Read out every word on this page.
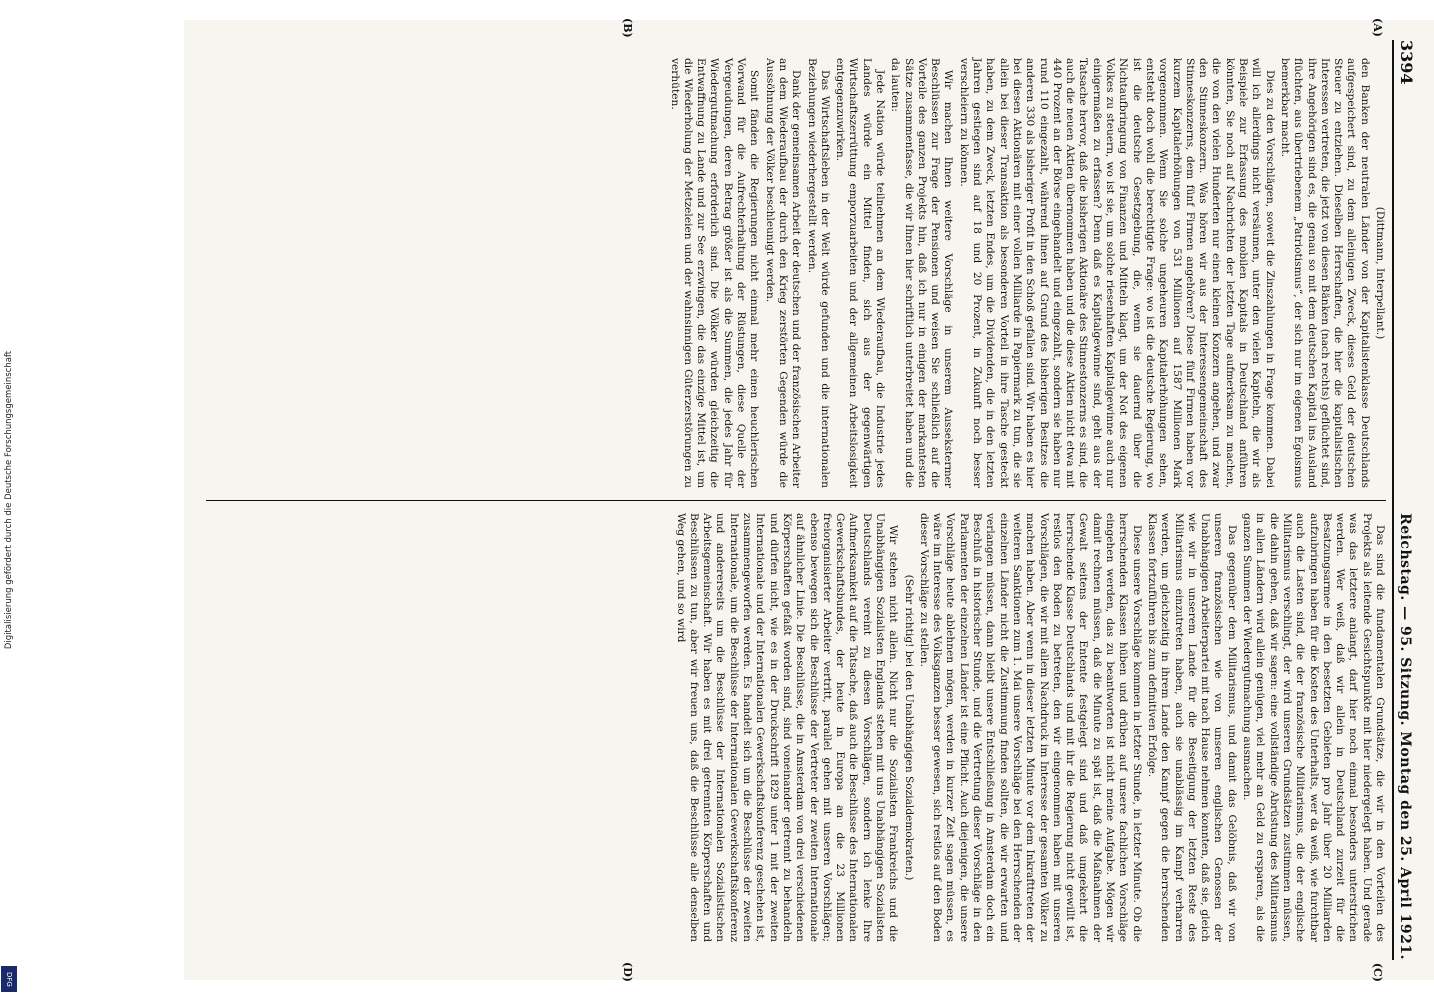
Digitalisierung gefördert durch die Deutsche Forschungsgemeinschaft
DFG
3394
Reichstag. — 95. Sitzung. Montag den 25. April 1921.
(A)
(B)

(Dittmann, Interpellant.)

den Banken der neutralen Länder von der Kapitalistenklasse Deutschlands aufgespeichert sind, zu dem alleinigen Zweck, dieses Geld der deutschen Steuer zu entziehen. Dieselben Herrschaften, die hier die kapitalistischen Interessen vertreten, die jetzt von diesen Bänken (nach rechts) geflüchtet sind, ihre Angehörigen sind es, die genau so mit dem deutschen Kapital ins Ausland flüchten, aus übertriebenem „Patriotismus“, der sich nur im eigenen Egoismus bemerkbar macht.

Dies zu den Vorschlägen, soweit die Zinszahlungen in Frage kommen. Dabei will ich allerdings nicht versäumen, unter den vielen Kapiteln, die wir als Beispiele zur Erfassung des mobilen Kapitals in Deutschland anführen könnten, Sie noch auf Nachrichten der letzten Tage aufmerksam zu machen, die von den vielen Hunderten nur einen kleinen Konzern angehen, und zwar den Stinneskonzern. Was hören wir aus der Interessengemeinschaft des Stinneskonzerns, dem fünf Firmen angehören? Diese fünf Firmen haben vor kurzem Kapitalerhöhungen von 531 Millionen auf 1587 Millionen Mark vorgenommen. Wenn Sie solche ungeheuren Kapitalerhöhungen sehen, entsteht doch wohl die berechtigte Frage: wo ist die deutsche Regierung, wo ist die deutsche Gesetzgebung, die, wenn sie dauernd über die Nichtaufbringung von Finanzen und Mitteln klagt, um der Not des eigenen Volkes zu steuern, wo ist sie, um solche riesenhaften Kapitalgewinne auch nur einigermaßen zu erfassen? Denn daß es Kapitalgewinne sind, geht aus der Tatsache hervor, daß die bisherigen Aktionäre des Stinnestonzerns es sind, die auch die neuen Aktien übernommen haben und die diese Aktien nicht etwa mit 440 Prozent an der Börse eingehandelt und eingezahlt, sondern sie haben nur rund 110 eingezahlt, während ihnen auf Grund des bisherigen Besitzes die anderen 330 als bisheriger Profit in den Schoß gefallen sind. Wir haben es hier bei diesen Aktionären mit einer vollen Milliarde in Papiermark zu tun, die sie allein bei dieser Transaktion als besonderen Vorteil in ihre Tasche gesteckt haben, zu dem Zweck, letzten Endes, um die Dividenden, die in den letzten Jahren gestiegen sind auf 18 und 20 Prozent, in Zukunft noch besser verschleiern zu können.

Wir machen Ihnen weitere Vorschläge in unserem Aussekstermer Beschlüssen zur Frage der Pensionen und weisen Sie schließlich auf die Vorteile des ganzen Projekts hin, daß ich nur in einigen der markantesten Sätze zusammenfasse, die wir Ihnen hier schriftlich unterbreitet haben und die da lauten:

Jede Nation würde teilnehmen an dem Wiederaufbau, die Industrie jedes Landes würde ein Mittel finden, sich aus der gegenwärtigen Wirtschaftszerrüttung emporzuarbeiten und der allgemeinen Arbeitslosigkeit entgegenzuwirken.

Das Wirtschaftsleben in der Welt würde gefunden und die internationalen Beziehungen wiederhergestellt werden.

Dank der gemeinsamen Arbeit der deutschen und der französischen Arbeiter an dem Wiederaufbau der durch den Krieg zerstörten Gegenden würde die Aussöhnung der Völker beschleunigt werden.

Somit fänden die Regierungen nicht einmal mehr einen heuchlerischen Vorwand für die Aufrechterhaltung der Rüstungen, diese Quelle der Vergeudungen, deren Betrag größer ist als die Summen, die jedes Jahr für Wiedergutmachung erforderlich sind. Die Völker würden gleichzeitig die Entwaffnung zu Lande und zur See erzwingen, die das einzige Mittel ist, um die Wiederholung der Metzeleien und der wahnsinnigen Güterzerstörungen zu verhüten.

(C)
(D)

Das sind die fundamentalen Grundsätze, die wir in den Vorteilen des Projekts als leitende Gesichtspunkte mit hier niedergelegt haben. Und gerade was das letztere anlangt, darf hier noch einmal besonders unterstrichen werden. Wer weiß, daß wir allein in Deutschland zurzeit für die Besatzungsarmee in den besetzten Gebieten pro Jahr über 20 Milliarden aufzubringen haben für die Kosten des Unterhalts, wer da weiß, wie furchtbar auch die Lasten sind, die der französische Militarismus, die der englische Militarismus verschlingt, der wird unseren Grundsätzen zustimmen müssen, die dahin gehen, daß wir sagen: eine vollständige Abrüstung des Militarismus in allen Ländern wird allein genügen, viel mehr an Geld zu ersparen, als die ganzen Summen der Wiedergutmachung ausmachen.

Das gegenüber dem Militarismus, und damit das Gelöbnis, daß wir von unseren französischen wie von unseren englischen Genossen der Unabhängigen Arbeiterpartei mit nach Hause nehmen konnten, daß sie, gleich wie wir in unserem Lande für die Beseitigung der letzten Reste des Militarismus einzutreten haben, auch sie unablässig im Kampf verharren werden, um gleichzeitig in ihrem Lande den Kampf gegen die herrschenden Klassen fortzuführen bis zum definitiven Erfolge.

Diese unsere Vorschläge kommen in letzter Stunde, in letzter Minute. Ob die herrschenden Klassen hüben und drüben auf unsere fachlichen Vorschläge eingehen werden, das zu beantworten ist nicht meine Aufgabe. Mögen wir damit rechnen müssen, daß die Minute zu spät ist, daß die Maßnahmen der Gewalt seitens der Entente festgelegt sind und daß umgekehrt die herrschende Klasse Deutschlands und mit ihr die Regierung nicht gewillt ist, restlos den Boden zu betreten, den wir eingenommen haben mit unseren Vorschlägen, die wir mit allem Nachdruck im Interesse der gesamten Völker zu machen haben. Aber wenn in dieser letzten Minute vor dem Inkrafttreten der weiteren Sanktionen zum 1. Mai unsere Vorschläge bei den Herrschenden der einzelnen Länder nicht die Zustimmung finden sollten, die wir erwarten und verlangen müssen, dann bleibt unsere Entschließung in Amsterdam doch ein Beschluß in historischer Stunde, und die Vertretung dieser Vorschläge in den Parlamenten der einzelnen Länder ist eine Pflicht. Auch diejenigen, die unsere Vorschläge heute ablehnen mögen, werden in kurzer Zeit sagen müssen, es wäre im Interesse des Volksganzen besser gewesen, sich restlos auf den Boden dieser Vorschläge zu stellen.

(Sehr richtig! bei den Unabhängigen Sozialdemokraten.)

Wir stehen nicht allein. Nicht nur die Sozialisten Frankreichs und die Unabhängigen Sozialisten Englands stehen mit uns Unabhängigen Sozialisten Deutschlands vereint zu diesen Vorschlägen, sondern ich lenke Ihre Aufmerksamkeit auf die Tatsache, daß auch die Beschlüsse des Internationalen Gewerkschaftsbundes, der heute in Europa an die 23 Millionen freiorganisierter Arbeiter vertritt, parallel gehen mit unseren Vorschlägen; ebenso bewegen sich die Beschlüsse der Vertreter der zweiten Internationale auf ähnlicher Linie. Die Beschlüsse, die in Amsterdam von drei verschiedenen Körperschaften gefaßt worden sind, sind voneinander getrennt zu behandeln und dürfen nicht, wie es in der Druckschrift 1829 unter 1 mit der zweiten Internationale und der Internationalen Gewerkschaftskonferenz geschehen ist, zusammengeworfen werden. Es handelt sich um die Beschlüsse der zweiten Internationale, um die Beschlüsse der Internationalen Gewerkschaftskonferenz und andererseits um die Beschlüsse der Internationalen Sozialistischen Arbeitsgemeinschaft. Wir haben es mit drei getrennten Körperschaften und Beschlüssen zu tun, aber wir freuen uns, daß die Beschlüsse alle denselben Weg gehen, und so wird
